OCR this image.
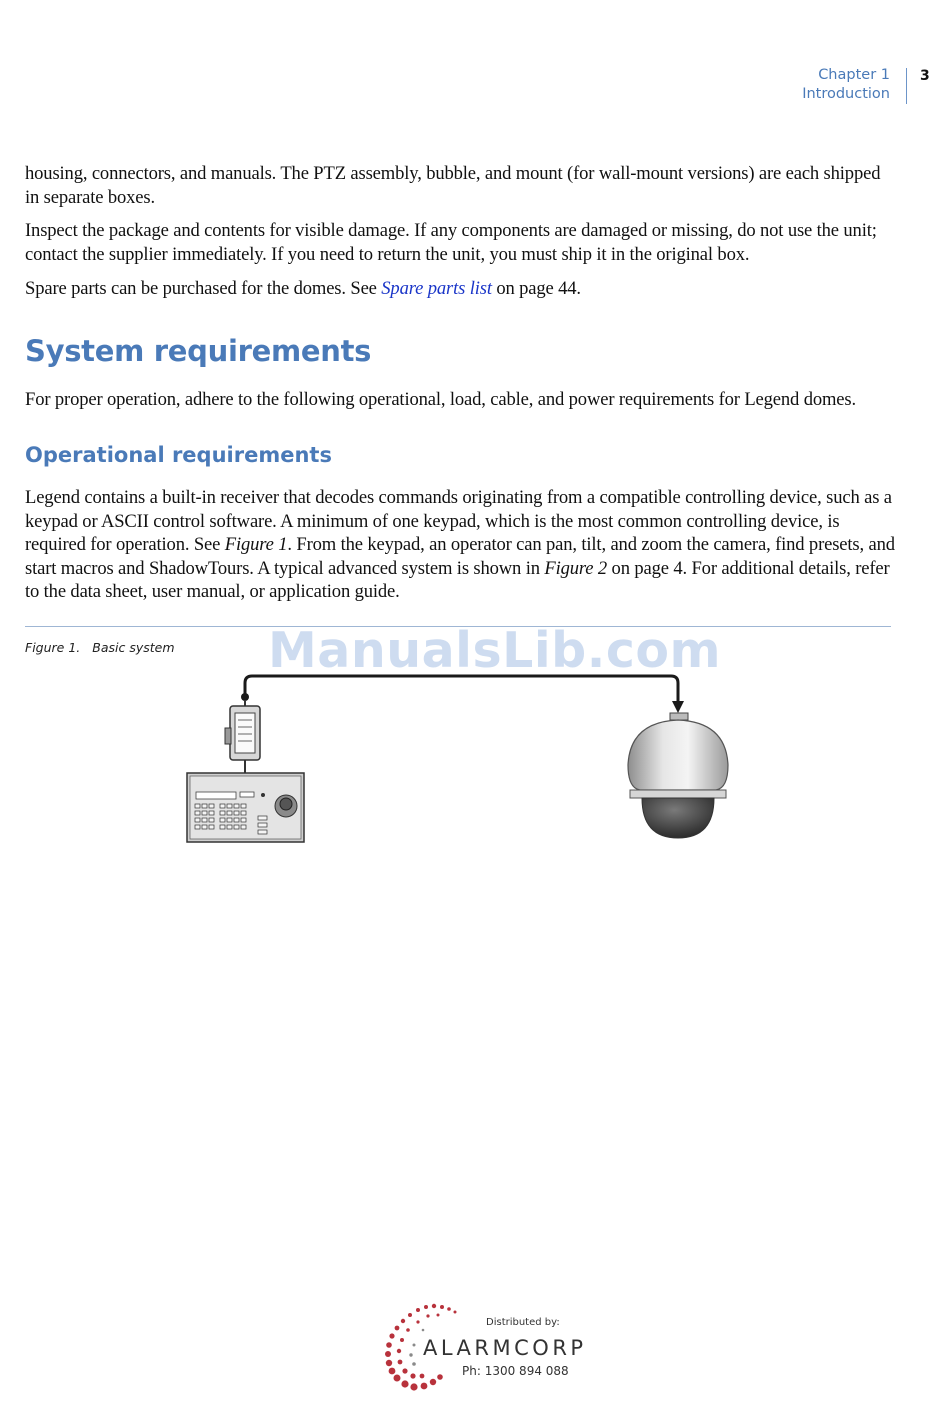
Chapter 1
Introduction
3

housing, connectors, and manuals. The PTZ assembly, bubble, and mount (for wall-mount versions) are each shipped in separate boxes.

Inspect the package and contents for visible damage. If any components are damaged or missing, do not use the unit; contact the supplier immediately. If you need to return the unit, you must ship it in the original box.

Spare parts can be purchased for the domes. See Spare parts list on page 44.

System requirements

For proper operation, adhere to the following operational, load, cable, and power requirements for Legend domes.

Operational requirements

Legend contains a built-in receiver that decodes commands originating from a compatible controlling device, such as a keypad or ASCII control software. A minimum of one keypad, which is the most common controlling device, is required for operation. See Figure 1. From the keypad, an operator can pan, tilt, and zoom the camera, find presets, and start macros and ShadowTours. A typical advanced system is shown in Figure 2 on page 4. For additional details, refer to the data sheet, user manual, or application guide.

Figure 1. Basic system ManualsLib.com
Distributed by:
ALARMCORP
Ph: 1300 894 088
